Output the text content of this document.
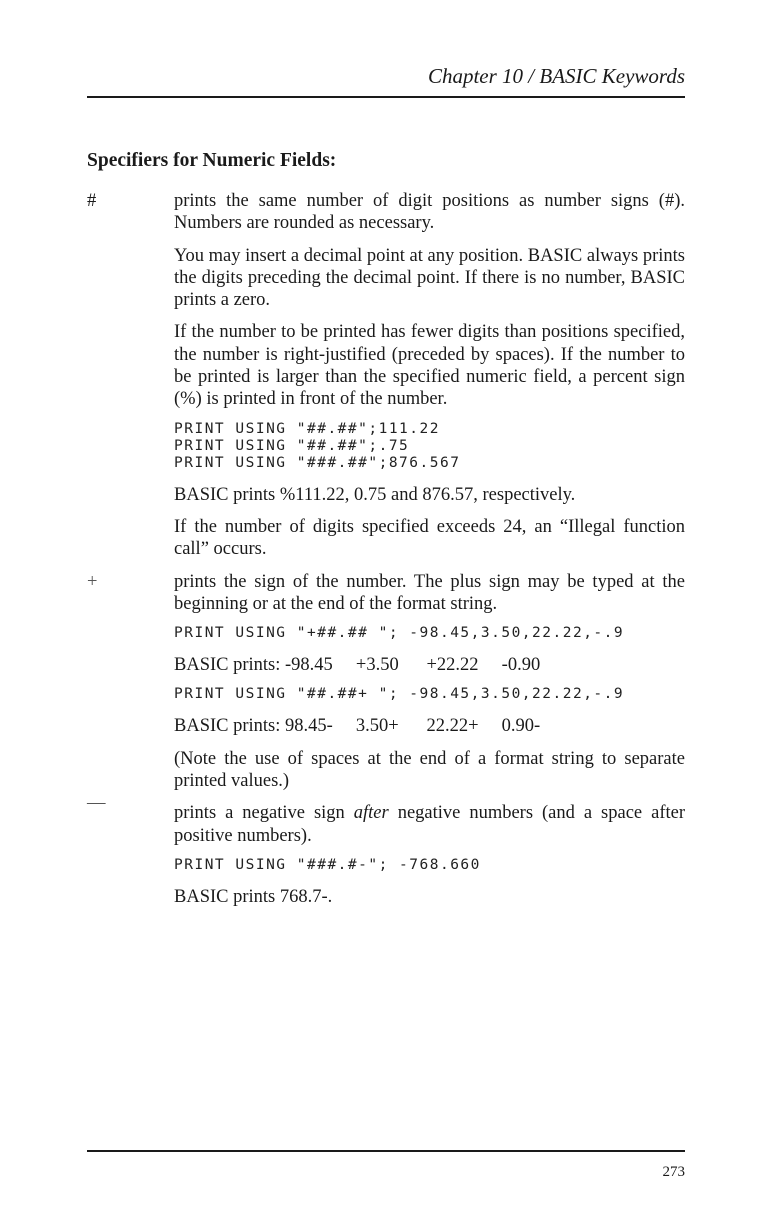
Chapter 10 / BASIC Keywords
Specifiers for Numeric Fields:
#	prints the same number of digit positions as number signs (#). Numbers are rounded as necessary.

You may insert a decimal point at any position. BASIC always prints the digits preceding the decimal point. If there is no number, BASIC prints a zero.

If the number to be printed has fewer digits than positions specified, the number is right-justified (preceded by spaces). If the number to be printed is larger than the specified numeric field, a percent sign (%) is printed in front of the number.

PRINT USING "##.##";111.22
PRINT USING "##.##";.75
PRINT USING "###.##";876.567

BASIC prints %111.22, 0.75 and 876.57, respectively.

If the number of digits specified exceeds 24, an “Illegal function call” occurs.

+	prints the sign of the number. The plus sign may be typed at the beginning or at the end of the format string.

PRINT USING "+##.## "; -98.45,3.50,22.22,-.9
BASIC prints: -98.45     +3.50      +22.22     -0.90
PRINT USING "##.##+ "; -98.45,3.50,22.22,-.9
BASIC prints: 98.45-     3.50+      22.22+     0.90-

(Note the use of spaces at the end of a format string to separate printed values.)

—	prints a negative sign after negative numbers (and a space after positive numbers).

PRINT USING "###.#-"; -768.660
BASIC prints 768.7-.
273
